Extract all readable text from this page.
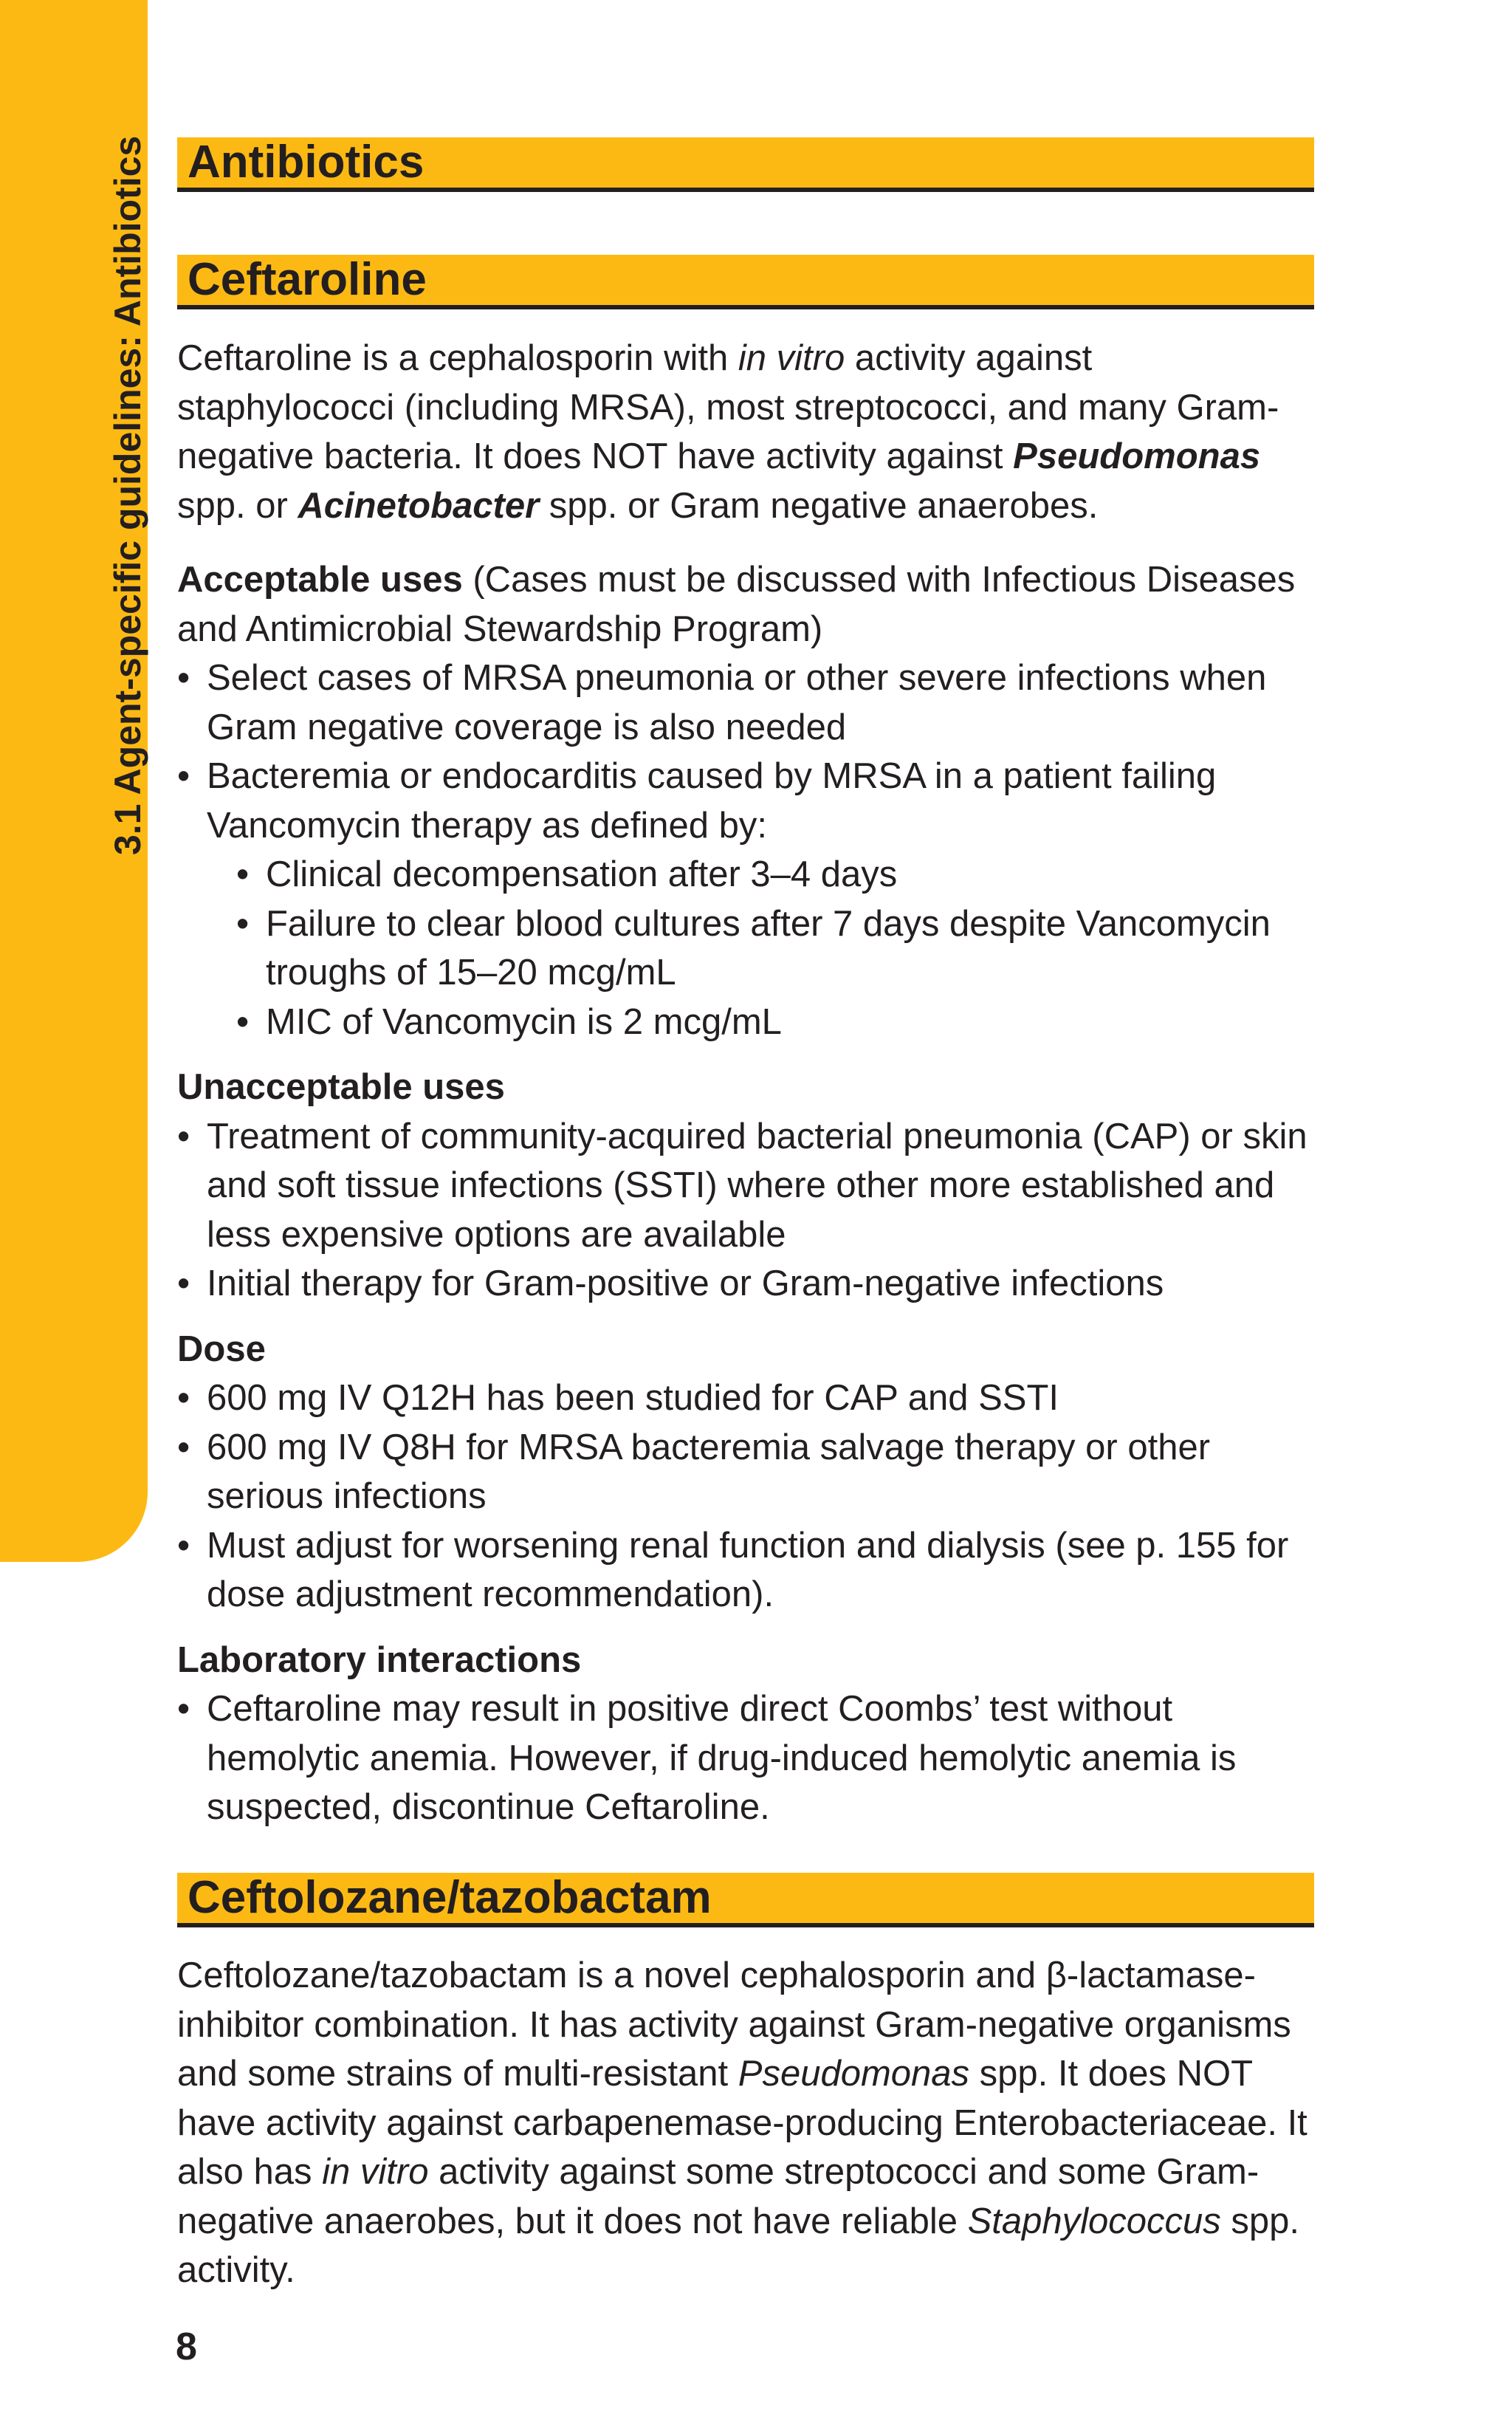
3.1 Agent-specific guidelines: Antibiotics Antibiotics
Ceftaroline

Ceftaroline is a cephalosporin with in vitro activity against staphylococci (including MRSA), most streptococci, and many Gram-negative bacteria. It does NOT have activity against Pseudomonas spp. or Acinetobacter spp. or Gram negative anaerobes.

Acceptable uses (Cases must be discussed with Infectious Diseases and Antimicrobial Stewardship Program)

• Select cases of MRSA pneumonia or other severe infections when Gram negative coverage is also needed
• Bacteremia or endocarditis caused by MRSA in a patient failing Vancomycin therapy as defined by:
• Clinical decompensation after 3–4 days
• Failure to clear blood cultures after 7 days despite Vancomycin troughs of 15–20 mcg/mL
• MIC of Vancomycin is 2 mcg/mL

Unacceptable uses

• Treatment of community-acquired bacterial pneumonia (CAP) or skin and soft tissue infections (SSTI) where other more established and less expensive options are available
• Initial therapy for Gram-positive or Gram-negative infections

Dose

• 600 mg IV Q12H has been studied for CAP and SSTI
• 600 mg IV Q8H for MRSA bacteremia salvage therapy or other serious infections
• Must adjust for worsening renal function and dialysis (see p. 155 for dose adjustment recommendation).

Laboratory interactions

• Ceftaroline may result in positive direct Coombs’ test without hemolytic anemia. However, if drug-induced hemolytic anemia is suspected, discontinue Ceftaroline.
Ceftolozane/tazobactam

Ceftolozane/tazobactam is a novel cephalosporin and β-lactamase-inhibitor combination. It has activity against Gram-negative organisms and some strains of multi-resistant Pseudomonas spp. It does NOT have activity against carbapenemase-producing Enterobacteriaceae. It also has in vitro activity against some streptococci and some Gram-negative anaerobes, but it does not have reliable Staphylococcus spp. activity.

8
